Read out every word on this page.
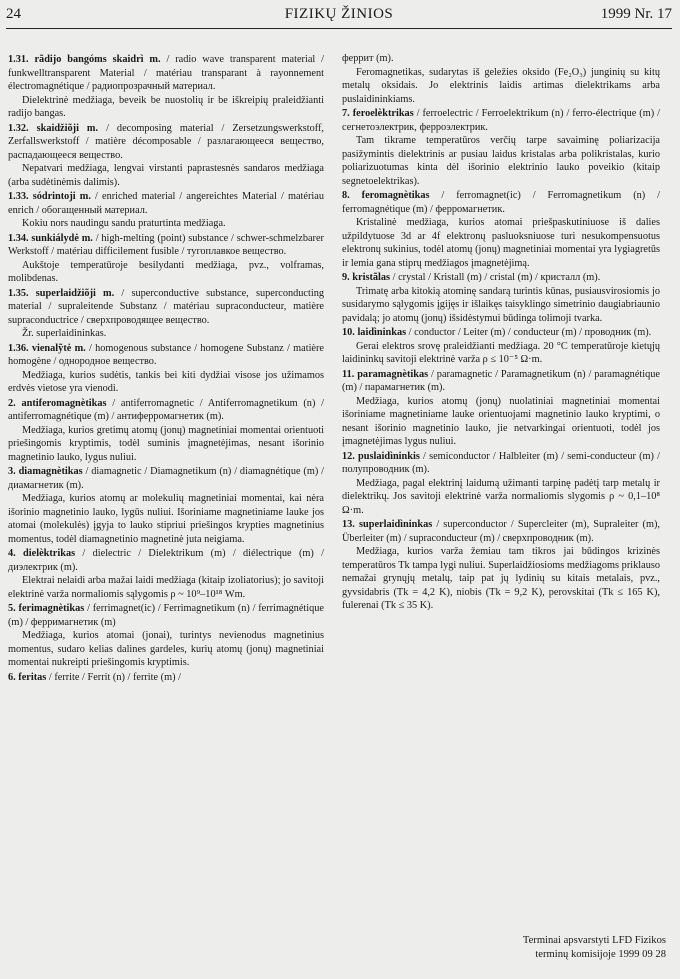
24	FIZIKŲ ŽINIOS	1999 Nr. 17

1.31. rãdijo bangóms skaidrì m. / radio wave transparent material / funkwelltransparent Material / matériau transparant à rayonnement électromagnétique / радиопрозрачный материал.

Dielektrinė medžiaga, beveik be nuostolių ir be iškreipių praleidžianti radijo bangas.

1.32. skaidžiõji m. / decomposing material / Zersetzungswerkstoff, Zerfallswerkstoff / matière décomposable / разлагающееся вещество, распадающееся вещество.

Nepatvari medžiaga, lengvai virstanti paprastesnės sandaros medžiaga (arba sudėtinėmis dalimis).

1.33. sódrintoji m. / enriched material / angereichtes Material / matériau enrich / обогащенный материал.

Kokiu nors naudingu sandu praturtinta medžiaga.

1.34. sunkiálydė m. / high-melting (point) substance / schwer-schmelzbarer Werkstoff / matériau difficilement fusible / тугоплавкое вещество.

Aukštoje temperatūroje besilydanti medžiaga, pvz., volframas, molibdenas.

1.35. superlaidžiõji m. / superconductive substance, superconducting material / supraleitende Substanz / matériau supraconducteur, matière supraconductrice / сверхпроводящее вещество.

Žr. superlaidininkas.

1.36. vienalỹtė m. / homogenous substance / homogene Substanz / matière homogène / однородное вещество.

Medžiaga, kurios sudėtis, tankis bei kiti dydžiai visose jos užimamos erdvės vietose yra vienodi.

2. antiferomagnètikas / antiferromagnetic / Antiferromagnetikum (n) / antiferromagnétique (m) / антиферромагнетик (m).

Medžiaga, kurios gretimų atomų (jonų) magnetiniai momentai orientuoti priešingomis kryptimis, todėl suminis įmagnetėjimas, nesant išorinio magnetinio lauko, lygus nuliui.

3. diamagnètikas / diamagnetic / Diamagnetikum (n) / diamagnétique (m) / диамагнетик (m).

Medžiaga, kurios atomų ar molekulių magnetiniai momentai, kai nėra išorinio magnetinio lauko, lygūs nuliui. Išoriniame magnetiniame lauke jos atomai (molekulės) įgyja to lauko stipriui priešingos krypties magnetinius momentus, todėl diamagnetinio magnetinė juta neigiama.

4. dielèktrikas / dielectric / Dielektrikum (m) / diélectrique (m) / диэлектрик (m).

Elektrai nelaidi arba mažai laidi medžiaga (kitaip izoliatorius); jo savitoji elektrinė varža normaliomis sąlygomis ρ ~ 10⁹–10¹⁸ Wm.

5. ferimagnètikas / ferrimagnet(ic) / Ferrimagnetikum (n) / ferrimagnétique (m) / ферримагнетик (m)

Medžiaga, kurios atomai (jonai), turintys nevienodus magnetinius momentus, sudaro kelias dalines gardeles, kurių atomų (jonų) magnetiniai momentai nukreipti priešingomis kryptimis.

6. feritas / ferrite / Ferrit (n) / ferrite (m) /

феррит (m).

Feromagnetikas, sudarytas iš geležies oksido (Fe₂O₃) junginių su kitų metalų oksidais. Jo elektrinis laidis artimas dielektrikams arba puslaidininkiams.

7. feroelèktrikas / ferroelectric / Ferroelektrikum (n) / ferro-électrique (m) / сегнетоэлектрик, ферроэлектрик.

Tam tikrame temperatūros verčių tarpe savaiminę poliarizacija pasižymintis dielektrinis ar pusiau laidus kristalas arba polikristalas, kurio poliarizuotumas kinta dėl išorinio elektrinio lauko poveikio (kitaip segnetoelektrikas).

8. feromagnètikas / ferromagnet(ic) / Ferromagnetikum (n) / ferromagnétique (m) / ферромагнетик.

Kristalinė medžiaga, kurios atomai priešpaskutiniuose iš dalies užpildytuose 3d ar 4f elektronų pasluoksniuose turi nesukompensuotus elektronų sukinius, todėl atomų (jonų) magnetiniai momentai yra lygiagretūs ir lemia gana stiprų medžiagos įmagnetėjimą.

9. kristãlas / crystal / Kristall (m) / cristal (m) / кристалл (m).

Trimatę arba kitokią atominę sandarą turintis kūnas, pusiausvirosiomis jo susidarymo sąlygomis įgijęs ir išlaikęs taisyklingo simetrinio daugiabriaunio pavidalą; jo atomų (jonų) išsidėstymui būdinga tolimoji tvarka.

10. laidìninkas / conductor / Leiter (m) / conducteur (m) / проводник (m).

Gerai elektros srovę praleidžianti medžiaga. 20 °C temperatūroje kietųjų laidininkų savitoji elektrinė varža ρ ≤ 10⁻⁵ Ω·m.

11. paramagnètikas / paramagnetic / Paramagnetikum (n) / paramagnétique (m) / парамагнетик (m).

Medžiaga, kurios atomų (jonų) nuolatiniai magnetiniai momentai išoriniame magnetiniame lauke orientuojami magnetinio lauko kryptimi, o nesant išorinio magnetinio lauko, jie netvarkingai orientuoti, todėl jos įmagnetėjimas lygus nuliui.

12. puslaidìninkis / semiconductor / Halbleiter (m) / semi-conducteur (m) / полупроводник (m).

Medžiaga, pagal elektrinį laidumą užimanti tarpinę padėtį tarp metalų ir dielektrikų. Jos savitoji elektrinė varža normaliomis slygomis ρ ~ 0,1–10⁸ Ω·m.

13. superlaidìninkas / superconductor / Supercleiter (m), Supraleiter (m), Überleiter (m) / supraconducteur (m) / сверхпроводник (m).

Medžiaga, kurios varža žemiau tam tikros jai būdingos krizinės temperatūros Tk tampa lygi nuliui. Superlaidžiosioms medžiagoms priklauso nemažai grynųjų metalų, taip pat jų lydinių su kitais metalais, pvz., gyvsidabris (Tk = 4,2 K), niobis (Tk = 9,2 K), perovskitai (Tk ≤ 165 K), fulerenai (Tk ≤ 35 K).

Terminai apsvarstyti LFD Fizikos
terminų komisijoje 1999 09 28
